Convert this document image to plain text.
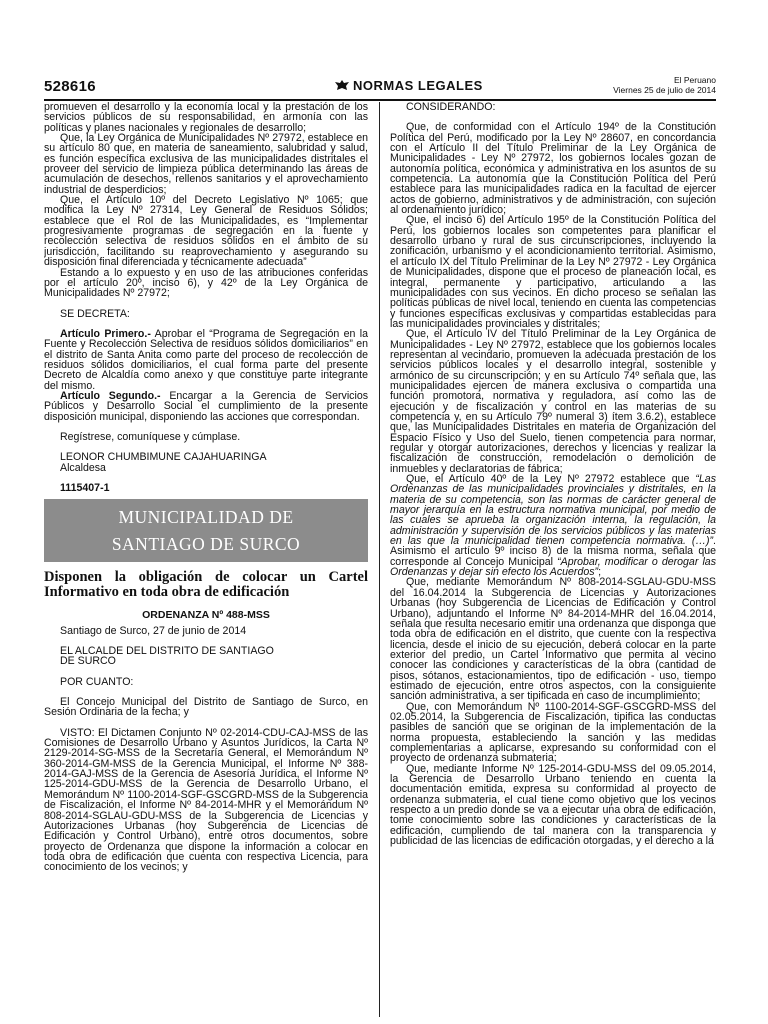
528616	NORMAS LEGALES	El Peruano
Viernes 25 de julio de 2014

promueven el desarrollo y la economía local y la prestación de los servicios públicos de su responsabilidad, en armonía con las políticas y planes nacionales y regionales de desarrollo;

Que, la Ley Orgánica de Municipalidades Nº 27972, establece en su artículo 80 que, en materia de saneamiento, salubridad y salud, es función específica exclusiva de las municipalidades distritales el proveer del servicio de limpieza pública determinando las áreas de acumulación de desechos, rellenos sanitarios y el aprovechamiento industrial de desperdicios;

Que, el Artículo 10º del Decreto Legislativo Nº 1065; que modifica la Ley Nº 27314, Ley General de Residuos Sólidos; establece que el Rol de las Municipalidades, es “Implementar progresivamente programas de segregación en la fuente y recolección selectiva de residuos sólidos en el ámbito de su jurisdicción, facilitando su reaprovechamiento y asegurando su disposición final diferenciada y técnicamente adecuada”

Estando a lo expuesto y en uso de las atribuciones conferidas por el artículo 20º, inciso 6), y 42º de la Ley Orgánica de Municipalidades Nº 27972;

SE DECRETA:

Artículo Primero.- Aprobar el “Programa de Segregación en la Fuente y Recolección Selectiva de residuos sólidos domiciliarios” en el distrito de Santa Anita como parte del proceso de recolección de residuos sólidos domiciliarios, el cual forma parte del presente Decreto de Alcaldía como anexo y que constituye parte integrante del mismo.

Artículo Segundo.- Encargar a la Gerencia de Servicios Públicos y Desarrollo Social el cumplimiento de la presente disposición municipal, disponiendo las acciones que correspondan.

Regístrese, comuníquese y cúmplase.

LEONOR CHUMBIMUNE CAJAHUARINGA

Alcaldesa

1115407-1

MUNICIPALIDAD DE
SANTIAGO DE SURCO
Disponen la obligación de colocar un Cartel Informativo en toda obra de edificación
ORDENANZA Nº 488-MSS

Santiago de Surco, 27 de junio de 2014

EL ALCALDE DEL DISTRITO DE SANTIAGO

DE SURCO

POR CUANTO:

El Concejo Municipal del Distrito de Santiago de Surco, en Sesión Ordinaria de la fecha; y

VISTO: El Dictamen Conjunto Nº 02-2014-CDU-CAJ-MSS de las Comisiones de Desarrollo Urbano y Asuntos Jurídicos, la Carta Nº 2129-2014-SG-MSS de la Secretaría General, el Memorándum Nº 360-2014-GM-MSS de la Gerencia Municipal, el Informe Nº 388-2014-GAJ-MSS de la Gerencia de Asesoría Jurídica, el Informe Nº 125-2014-GDU-MSS de la Gerencia de Desarrollo Urbano, el Memorándum Nº 1100-2014-SGF-GSCGRD-MSS de la Subgerencia de Fiscalización, el Informe Nº 84-2014-MHR y el Memorándum Nº 808-2014-SGLAU-GDU-MSS de la Subgerencia de Licencias y Autorizaciones Urbanas (hoy Subgerencia de Licencias de Edificación y Control Urbano), entre otros documentos, sobre proyecto de Ordenanza que dispone la información a colocar en toda obra de edificación que cuenta con respectiva Licencia, para conocimiento de los vecinos; y

CONSIDERANDO:

Que, de conformidad con el Artículo 194º de la Constitución Política del Perú, modificado por la Ley Nº 28607, en concordancia con el Artículo II del Título Preliminar de la Ley Orgánica de Municipalidades - Ley Nº 27972, los gobiernos locales gozan de autonomía política, económica y administrativa en los asuntos de su competencia. La autonomía que la Constitución Política del Perú establece para las municipalidades radica en la facultad de ejercer actos de gobierno, administrativos y de administración, con sujeción al ordenamiento jurídico;

Que, el inciso 6) del Artículo 195º de la Constitución Política del Perú, los gobiernos locales son competentes para planificar el desarrollo urbano y rural de sus circunscripciones, incluyendo la zonificación, urbanismo y el acondicionamiento territorial. Asimismo, el artículo IX del Título Preliminar de la Ley Nº 27972 - Ley Orgánica de Municipalidades, dispone que el proceso de planeación local, es integral, permanente y participativo, articulando a las municipalidades con sus vecinos. En dicho proceso se señalan las políticas públicas de nivel local, teniendo en cuenta las competencias y funciones específicas exclusivas y compartidas establecidas para las municipalidades provinciales y distritales;

Que, el Artículo IV del Título Preliminar de la Ley Orgánica de Municipalidades - Ley Nº 27972, establece que los gobiernos locales representan al vecindario, promueven la adecuada prestación de los servicios públicos locales y el desarrollo integral, sostenible y armónico de su circunscripción; y en su Artículo 74º señala que, las municipalidades ejercen de manera exclusiva o compartida una función promotora, normativa y reguladora, así como las de ejecución y de fiscalización y control en las materias de su competencia y, en su Artículo 79º numeral 3) ítem 3.6.2), establece que, las Municipalidades Distritales en materia de Organización del Espacio Físico y Uso del Suelo, tienen competencia para normar, regular y otorgar autorizaciones, derechos y licencias y realizar la fiscalización de construcción, remodelación o demolición de inmuebles y declaratorias de fábrica;

Que, el Artículo 40º de la Ley Nº 27972 establece que “Las Ordenanzas de las municipalidades provinciales y distritales, en la materia de su competencia, son las normas de carácter general de mayor jerarquía en la estructura normativa municipal, por medio de las cuales se aprueba la organización interna, la regulación, la administración y supervisión de los servicios públicos y las materias en las que la municipalidad tienen competencia normativa. (…)”. Asimismo el artículo 9º inciso 8) de la misma norma, señala que corresponde al Concejo Municipal “Aprobar, modificar o derogar las Ordenanzas y dejar sin efecto los Acuerdos”;

Que, mediante Memorándum Nº 808-2014-SGLAU-GDU-MSS del 16.04.2014 la Subgerencia de Licencias y Autorizaciones Urbanas (hoy Subgerencia de Licencias de Edificación y Control Urbano), adjuntando el Informe Nº 84-2014-MHR del 16.04.2014, señala que resulta necesario emitir una ordenanza que disponga que toda obra de edificación en el distrito, que cuente con la respectiva licencia, desde el inicio de su ejecución, deberá colocar en la parte exterior del predio, un Cartel Informativo que permita al vecino conocer las condiciones y características de la obra (cantidad de pisos, sótanos, estacionamientos, tipo de edificación - uso, tiempo estimado de ejecución, entre otros aspectos, con la consiguiente sanción administrativa, a ser tipificada en caso de incumplimiento;

Que, con Memorándum Nº 1100-2014-SGF-GSCGRD-MSS del 02.05.2014, la Subgerencia de Fiscalización, tipifica las conductas pasibles de sanción que se originan de la implementación de la norma propuesta, estableciendo la sanción y las medidas complementarias a aplicarse, expresando su conformidad con el proyecto de ordenanza submateria;

Que, mediante Informe Nº 125-2014-GDU-MSS del 09.05.2014, la Gerencia de Desarrollo Urbano teniendo en cuenta la documentación emitida, expresa su conformidad al proyecto de ordenanza submateria, el cual tiene como objetivo que los vecinos respecto a un predio donde se va a ejecutar una obra de edificación, tome conocimiento sobre las condiciones y características de la edificación, cumpliendo de tal manera con la transparencia y publicidad de las licencias de edificación otorgadas, y el derecho a la
